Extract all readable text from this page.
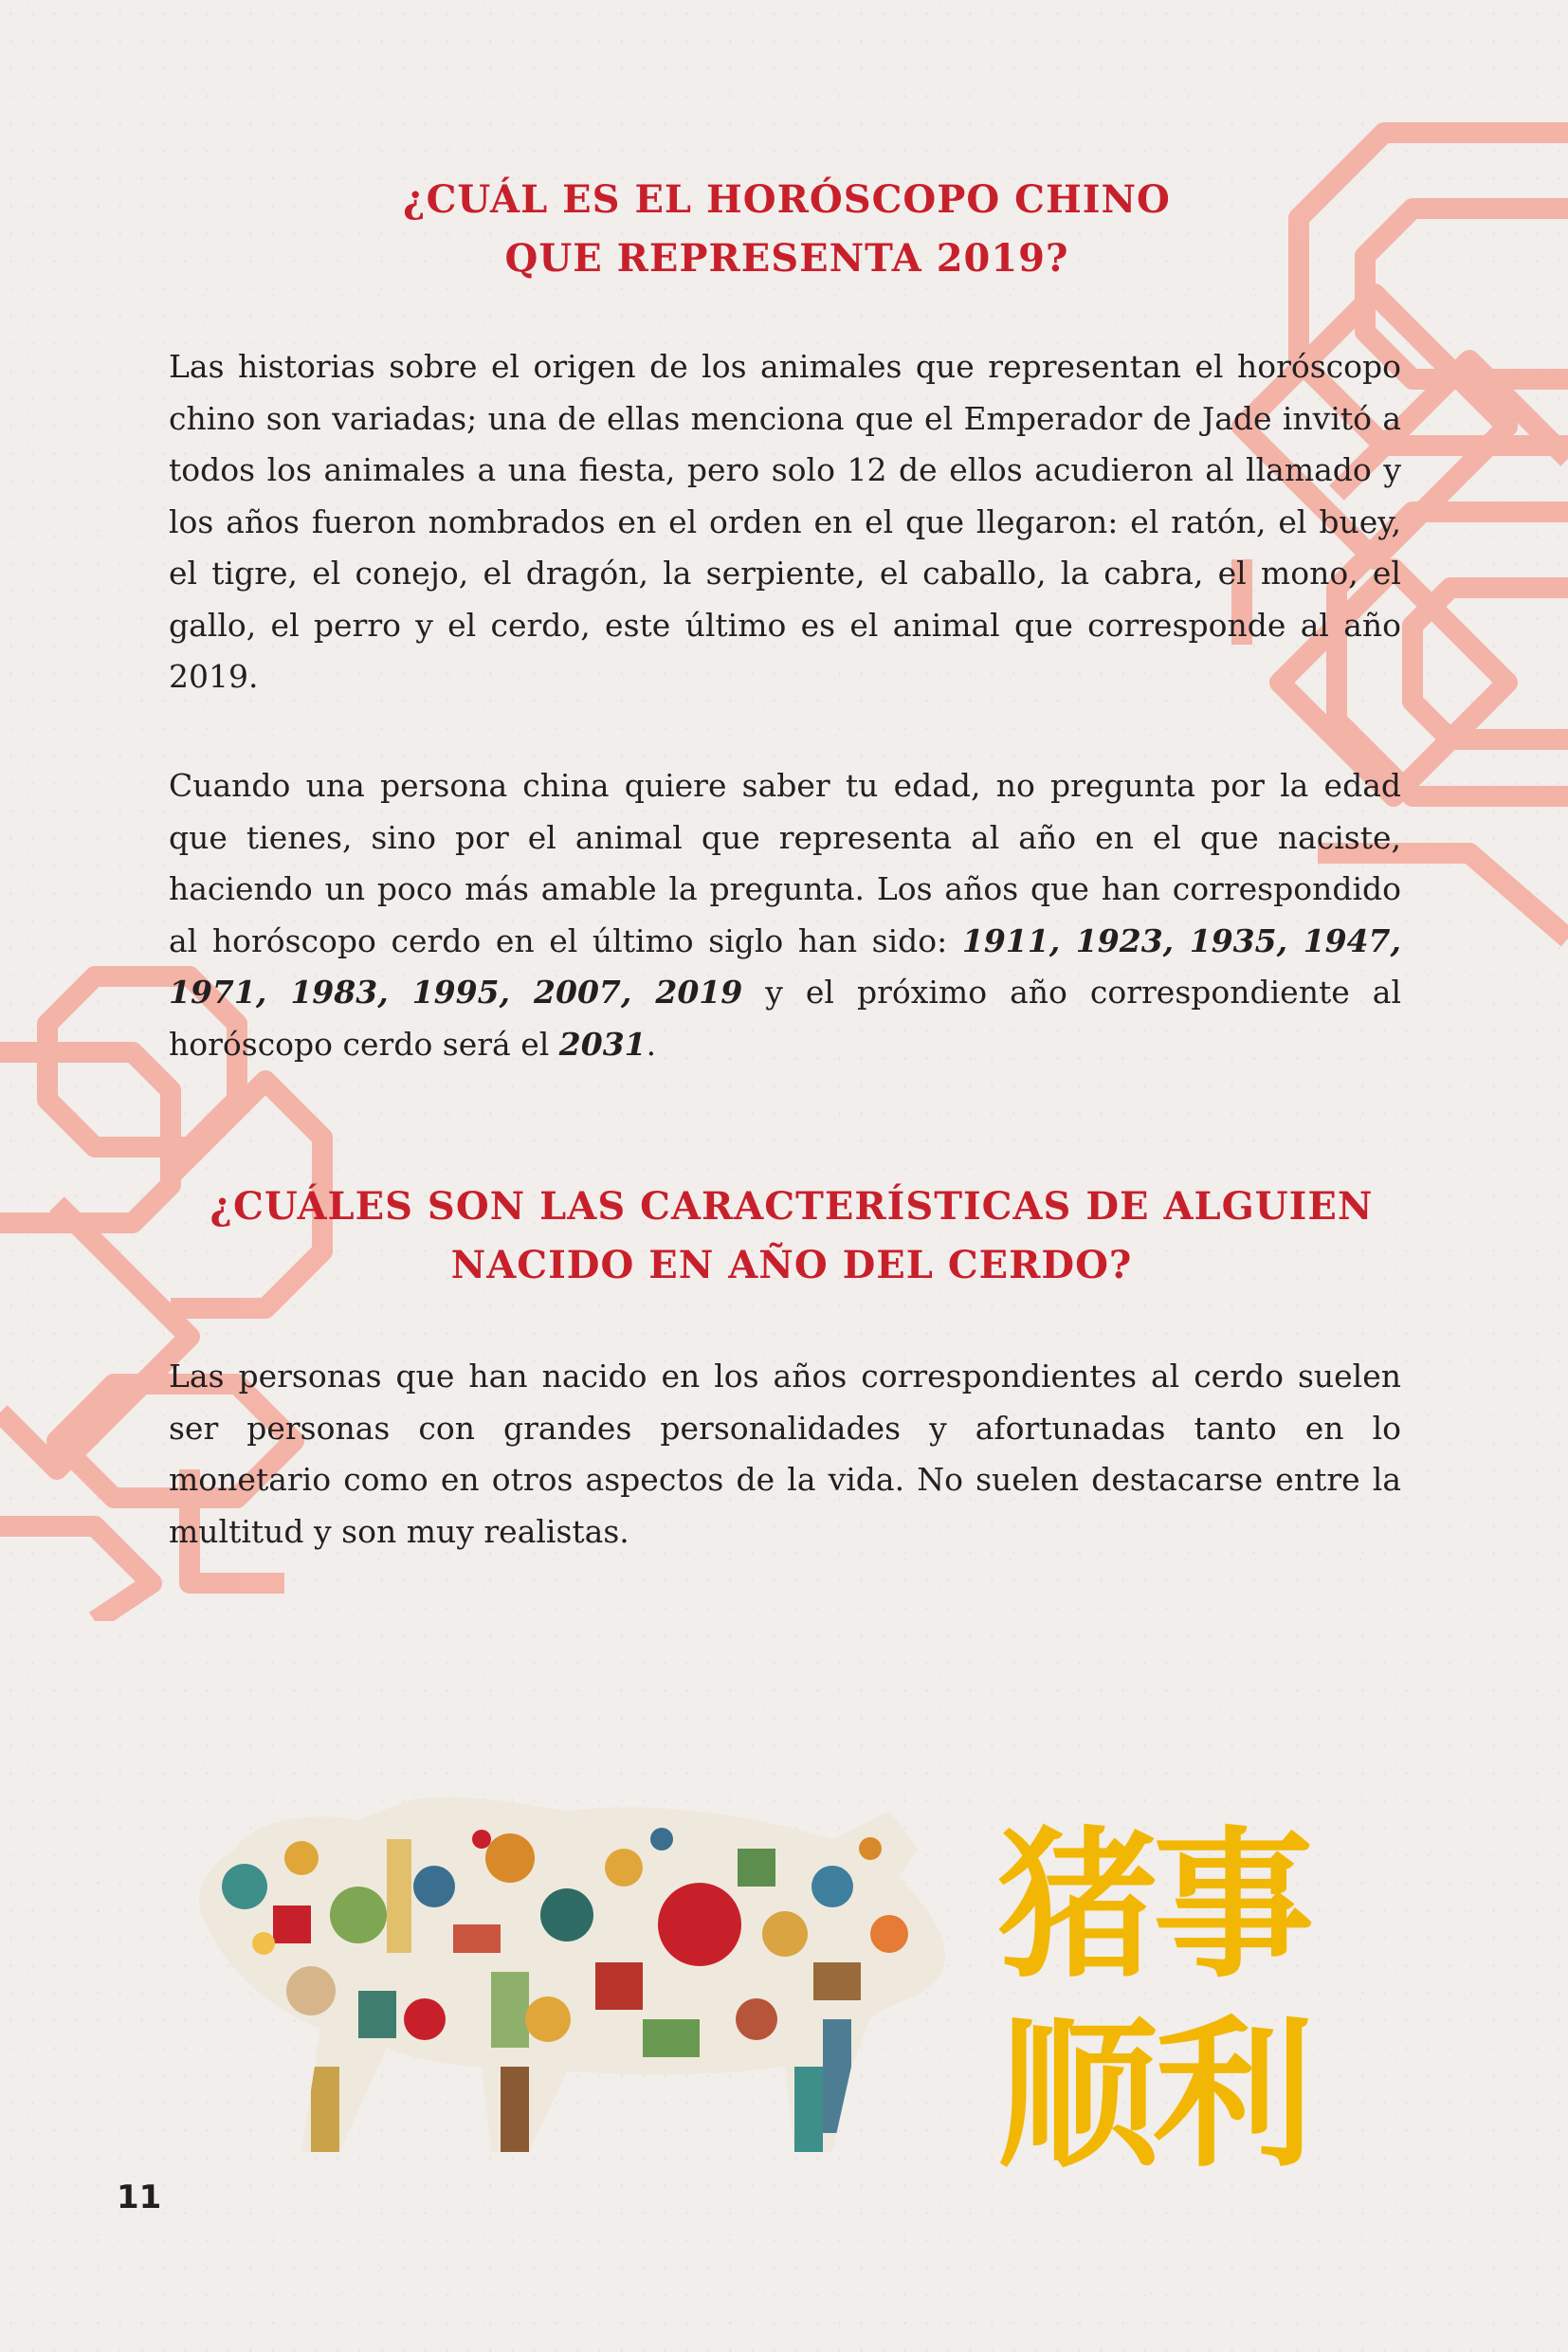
¿CUÁL ES EL HORÓSCOPO CHINO
QUE REPRESENTA 2019?

Las historias sobre el origen de los animales que representan el horóscopo chino son variadas; una de ellas menciona que el Emperador de Jade invitó a todos los animales a una fiesta, pero solo 12 de ellos acudieron al llamado y los años fueron nombrados en el orden en el que llegaron: el ratón, el buey, el tigre, el conejo, el dragón, la serpiente, el caballo, la cabra, el mono, el gallo, el perro y el cerdo, este último es el animal que corresponde al año 2019.

Cuando una persona china quiere saber tu edad, no pregunta por la edad que tienes, sino por el animal que representa al año en el que naciste, haciendo un poco más amable la pregunta. Los años que han correspondido al horóscopo cerdo en el último siglo han sido: 1911, 1923, 1935, 1947, 1971, 1983, 1995, 2007, 2019 y el próximo año correspondiente al horóscopo cerdo será el 2031.

¿CUÁLES SON LAS CARACTERÍSTICAS DE ALGUIEN
NACIDO EN AÑO DEL CERDO?

Las personas que han nacido en los años correspondientes al cerdo suelen ser personas con grandes personalidades y afortunadas tanto en lo monetario como en otros aspectos de la vida. No suelen destacarse entre la multitud y son muy realistas.

猪事顺利
11
